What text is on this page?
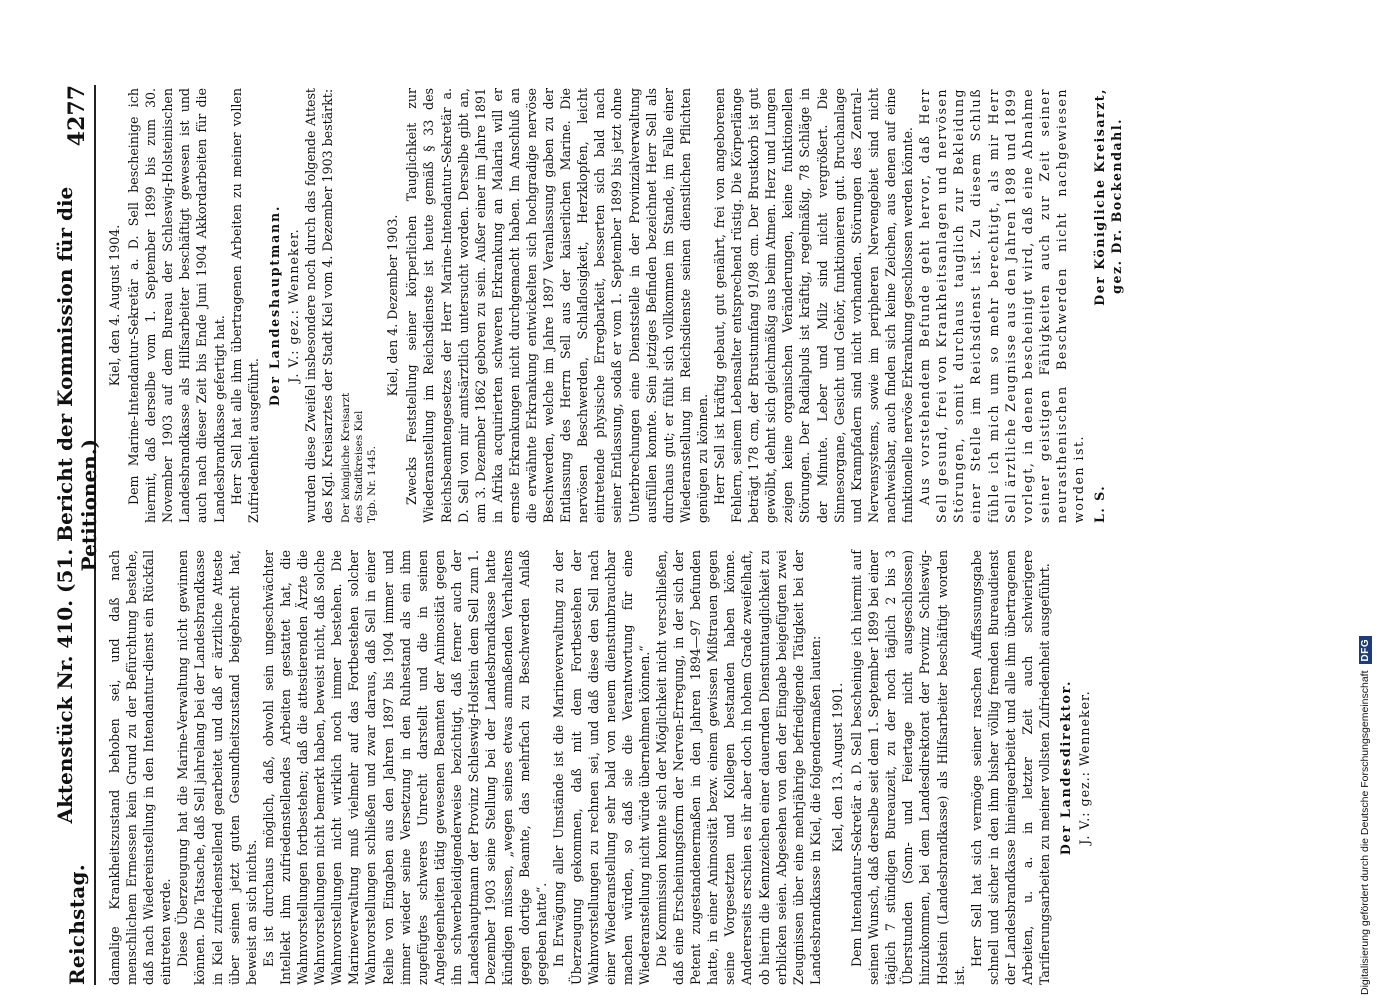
Reichstag.
Aktenstück Nr. 410. (51. Bericht der Kommission für die Petitionen.)
4277

damalige Krankheitszustand behoben sei, und daß nach menschlichem Ermessen kein Grund zu der Befürchtung bestehe, daß nach Wiedereinstellung in den Intendantur-dienst ein Rückfall eintreten werde. Diese Überzeugung hat die Marine-Verwaltung nicht gewinnen können. Die Tatsache, daß Sell jahrelang bei der Landesbrandkasse in Kiel zufriedenstellend gearbeitet und daß er ärztliche Atteste über seinen jetzt guten Gesundheitszustand beigebracht hat, beweist an sich nichts. Es ist durchaus möglich, daß, obwohl sein ungeschwächter Intellekt ihm zufriedenstellendes Arbeiten gestattet hat, die Wahnvorstellungen fortbestehen; daß die attestierenden Ärzte die Wahnvorstellungen nicht bemerkt haben, beweist nicht, daß solche Wahnvorstellungen nicht wirklich noch immer bestehen. Die Marineverwaltung muß vielmehr auf das Fortbestehen solcher Wahnvorstellungen schließen und zwar daraus, daß Sell in einer Reihe von Eingaben aus den Jahren 1897 bis 1904 immer und immer wieder seine Versetzung in den Ruhestand als ein ihm zugefügtes schweres Unrecht darstellt und die in seinen Angelegenheiten tätig gewesenen Beamten der Animosität gegen ihn schwerbeleidigenderweise bezichtigt, daß ferner auch der Landeshauptmann der Provinz Schleswig-Holstein dem Sell zum 1. Dezember 1903 seine Stellung bei der Landesbrandkasse hatte kündigen müssen, „wegen seines etwas anmaßenden Verhaltens gegen dortige Beamte, das mehrfach zu Beschwerden Anlaß gegeben hatte“. In Erwägung aller Umstände ist die Marineverwaltung zu der Überzeugung gekommen, daß mit dem Fortbestehen der Wahnvorstellungen zu rechnen sei, und daß diese den Sell nach einer Wiederanstellung sehr bald von neuem dienstunbrauchbar machen würden, so daß sie die Verantwortung für eine Wiederanstellung nicht würde übernehmen können.“ Die Kommission konnte sich der Möglichkeit nicht verschließen, daß eine Erscheinungsform der Nerven-Erregung, in der sich der Petent zugestandenermaßen in den Jahren 1894—97 befunden hatte, in einer Animosität bezw. einem gewissen Mißtrauen gegen seine Vorgesetzten und Kollegen bestanden haben könne. Andererseits erschien es ihr aber doch in hohem Grade zweifelhaft, ob hierin die Kennzeichen einer dauernden Dienstuntauglichkeit zu erblicken seien. Abgesehen von den der Eingabe beigefügten zwei Zeugnissen über eine mehrjährige befriedigende Tätigkeit bei der Landesbrandkasse in Kiel, die folgendermaßen lauten: Kiel, den 13. August 1901. Dem Intendantur-Sekretär a. D. Sell bescheinige ich hiermit auf seinen Wunsch, daß derselbe seit dem 1. September 1899 bei einer täglich 7 stündigen Bureauzeit, zu der noch täglich 2 bis 3 Überstunden (Sonn- und Feiertage nicht ausgeschlossen) hinzukommen, bei dem Landesdirektorat der Provinz Schleswig-Holstein (Landesbrandkasse) als Hilfsarbeiter beschäftigt worden ist.

Herr Sell hat sich vermöge seiner raschen Auffassungsgabe schnell und sicher in den ihm bisher völlig fremden Bureaudienst der Landesbrandkasse hineingearbeitet und alle ihm übertragenen Arbeiten, u. a. in letzter Zeit auch schwierigere Tarifierungsarbeiten zu meiner vollsten Zufriedenheit ausgeführt. Der Landesdirektor. J. V.: gez.: Wenneker.

Kiel, den 4. August 1904. Dem Marine-Intendantur-Sekretär a. D. Sell bescheinige ich hiermit, daß derselbe vom 1. September 1899 bis zum 30. November 1903 auf dem Bureau der Schleswig-Holsteinischen Landesbrandkasse als Hilfsarbeiter beschäftigt gewesen ist und auch nach dieser Zeit bis Ende Juni 1904 Akkordarbeiten für die Landesbrandkasse gefertigt hat. Herr Sell hat alle ihm übertragenen Arbeiten zu meiner vollen Zufriedenheit ausgeführt.

Der Landeshauptmann. J. V.: gez.: Wenneker. wurden diese Zweifel insbesondere noch durch das folgende Attest des Kgl. Kreisarztes der Stadt Kiel vom 4. Dezember 1903 bestärkt: Der königliche Kreisarzt des Stadtkreises Kiel Tgb. Nr. 1445.

Kiel, den 4. Dezember 1903. Zwecks Feststellung seiner körperlichen Tauglichkeit zur Wiederanstellung im Reichsdienste ist heute gemäß § 33 des Reichsbeamtengesetzes der Herr Marine-Intendantur-Sekretär a. D. Sell von mir amtsärztlich untersucht worden. Derselbe gibt an, am 3. Dezember 1862 geboren zu sein. Außer einer im Jahre 1891 in Afrika acquirierten schweren Erkrankung an Malaria will er ernste Erkrankungen nicht durchgemacht haben. Im Anschluß an die erwähnte Erkrankung entwickelten sich hochgradige nervöse Beschwerden, welche im Jahre 1897 Veranlassung gaben zu der Entlassung des Herrn Sell aus der kaiserlichen Marine. Die nervösen Beschwerden, Schlaflosigkeit, Herzklopfen, leicht eintretende physische Erregbarkeit, besserten sich bald nach seiner Entlassung, sodaß er vom 1. September 1899 bis jetzt ohne Unterbrechungen eine Dienststelle in der Provinzialverwaltung ausfüllen konnte. Sein jetziges Befinden bezeichnet Herr Sell als durchaus gut; er fühlt sich vollkommen im Stande, im Falle einer Wiederanstellung im Reichsdienste seinen dienstlichen Pflichten genügen zu können. Herr Sell ist kräftig gebaut, gut genährt, frei von angeborenen Fehlern, seinem Lebensalter entsprechend rüstig. Die Körperlänge beträgt 178 cm, der Brustumfang 91/98 cm. Der Brustkorb ist gut gewölbt, dehnt sich gleichmäßig aus beim Atmen. Herz und Lungen zeigen keine organischen Veränderungen, keine funktionellen Störungen. Der Radialpuls ist kräftig, regelmäßig, 78 Schläge in der Minute. Leber und Milz sind nicht vergrößert. Die Sinnesorgane, Gesicht und Gehör, funktionieren gut. Bruchanlage und Krampfadern sind nicht vorhanden. Störungen des Zentral-Nervensystems, sowie im peripheren Nervengebiet sind nicht nachweisbar, auch finden sich keine Zeichen, aus denen auf eine funktionelle nervöse Erkrankung geschlossen werden könnte. Aus vorstehendem Befunde geht hervor, daß Herr Sell gesund, frei von Krankheitsanlagen und nervösen Störungen, somit durchaus tauglich zur Bekleidung einer Stelle im Reichsdienst ist. Zu diesem Schluß fühle ich mich um so mehr berechtigt, als mir Herr Sell ärztliche Zeugnisse aus den Jahren 1898 und 1899 vorlegt, in denen bescheinigt wird, daß eine Abnahme seiner geistigen Fähigkeiten auch zur Zeit seiner neurasthenischen Beschwerden nicht nachgewiesen worden ist. L. S.
Der Königliche Kreisarzt, gez. Dr. Bockendahl.

Digitalisierung gefördert durch die Deutsche Forschungsgemeinschaft
DFG
